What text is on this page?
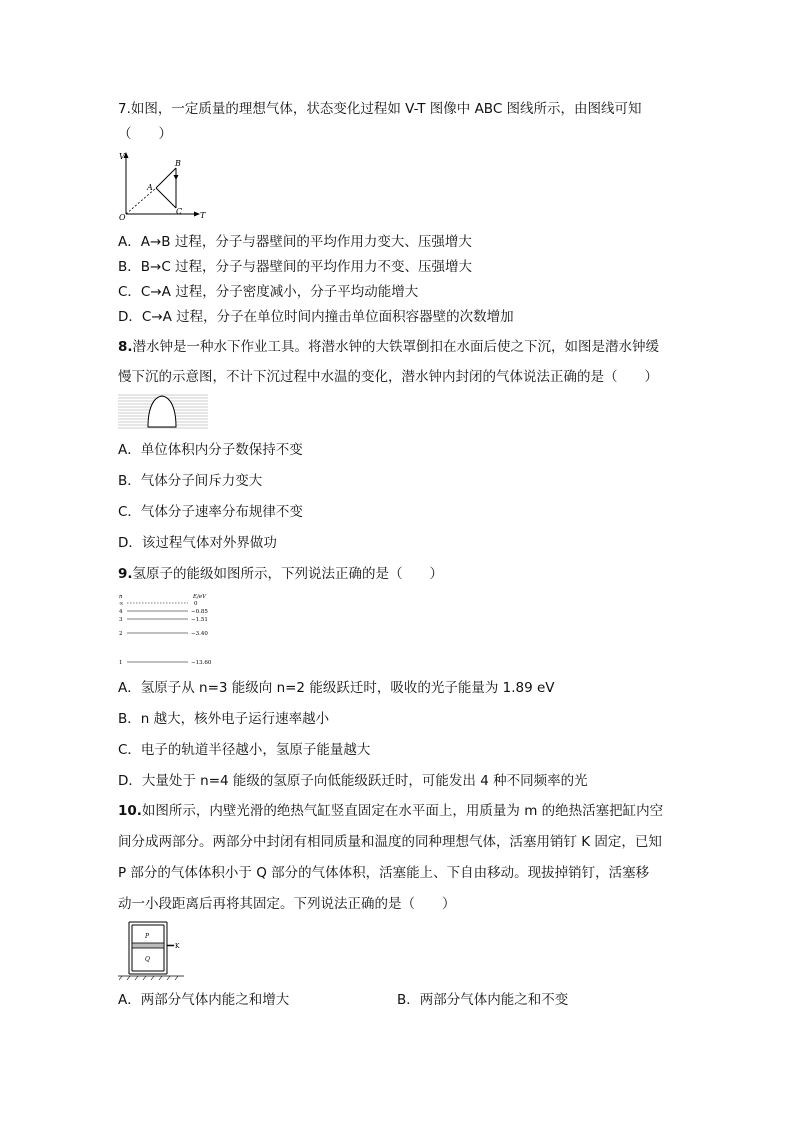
7.如图，一定质量的理想气体，状态变化过程如 V-T 图像中 ABC 图线所示，由图线可知
（　　）
V
T
O
A
B
C
A．A→B 过程，分子与器壁间的平均作用力变大、压强增大
B．B→C 过程，分子与器壁间的平均作用力不变、压强增大
C．C→A 过程，分子密度减小，分子平均动能增大
D．C→A 过程，分子在单位时间内撞击单位面积容器壁的次数增加
8.潜水钟是一种水下作业工具。将潜水钟的大铁罩倒扣在水面后使之下沉，如图是潜水钟缓
慢下沉的示意图，不计下沉过程中水温的变化，潜水钟内封闭的气体说法正确的是（　　）
A．单位体积内分子数保持不变
B．气体分子间斥力变大
C．气体分子速率分布规律不变
D．该过程气体对外界做功
9.氢原子的能级如图所示，下列说法正确的是（　　）
n	E/eV
∞	0
4	−0.85
3	−1.51
2	−3.40
1	−13.60
A．氢原子从 n=3 能级向 n=2 能级跃迁时，吸收的光子能量为 1.89 eV
B．n 越大，核外电子运行速率越小
C．电子的轨道半径越小，氢原子能量越大
D．大量处于 n=4 能级的氢原子向低能级跃迁时，可能发出 4 种不同频率的光
10.如图所示，内壁光滑的绝热气缸竖直固定在水平面上，用质量为 m 的绝热活塞把缸内空
间分成两部分。两部分中封闭有相同质量和温度的同种理想气体，活塞用销钉 K 固定，已知
P 部分的气体体积小于 Q 部分的气体体积，活塞能上、下自由移动。现拔掉销钉，活塞移
动一小段距离后再将其固定。下列说法正确的是（　　）
P
Q
K
A．两部分气体内能之和增大	B．两部分气体内能之和不变
